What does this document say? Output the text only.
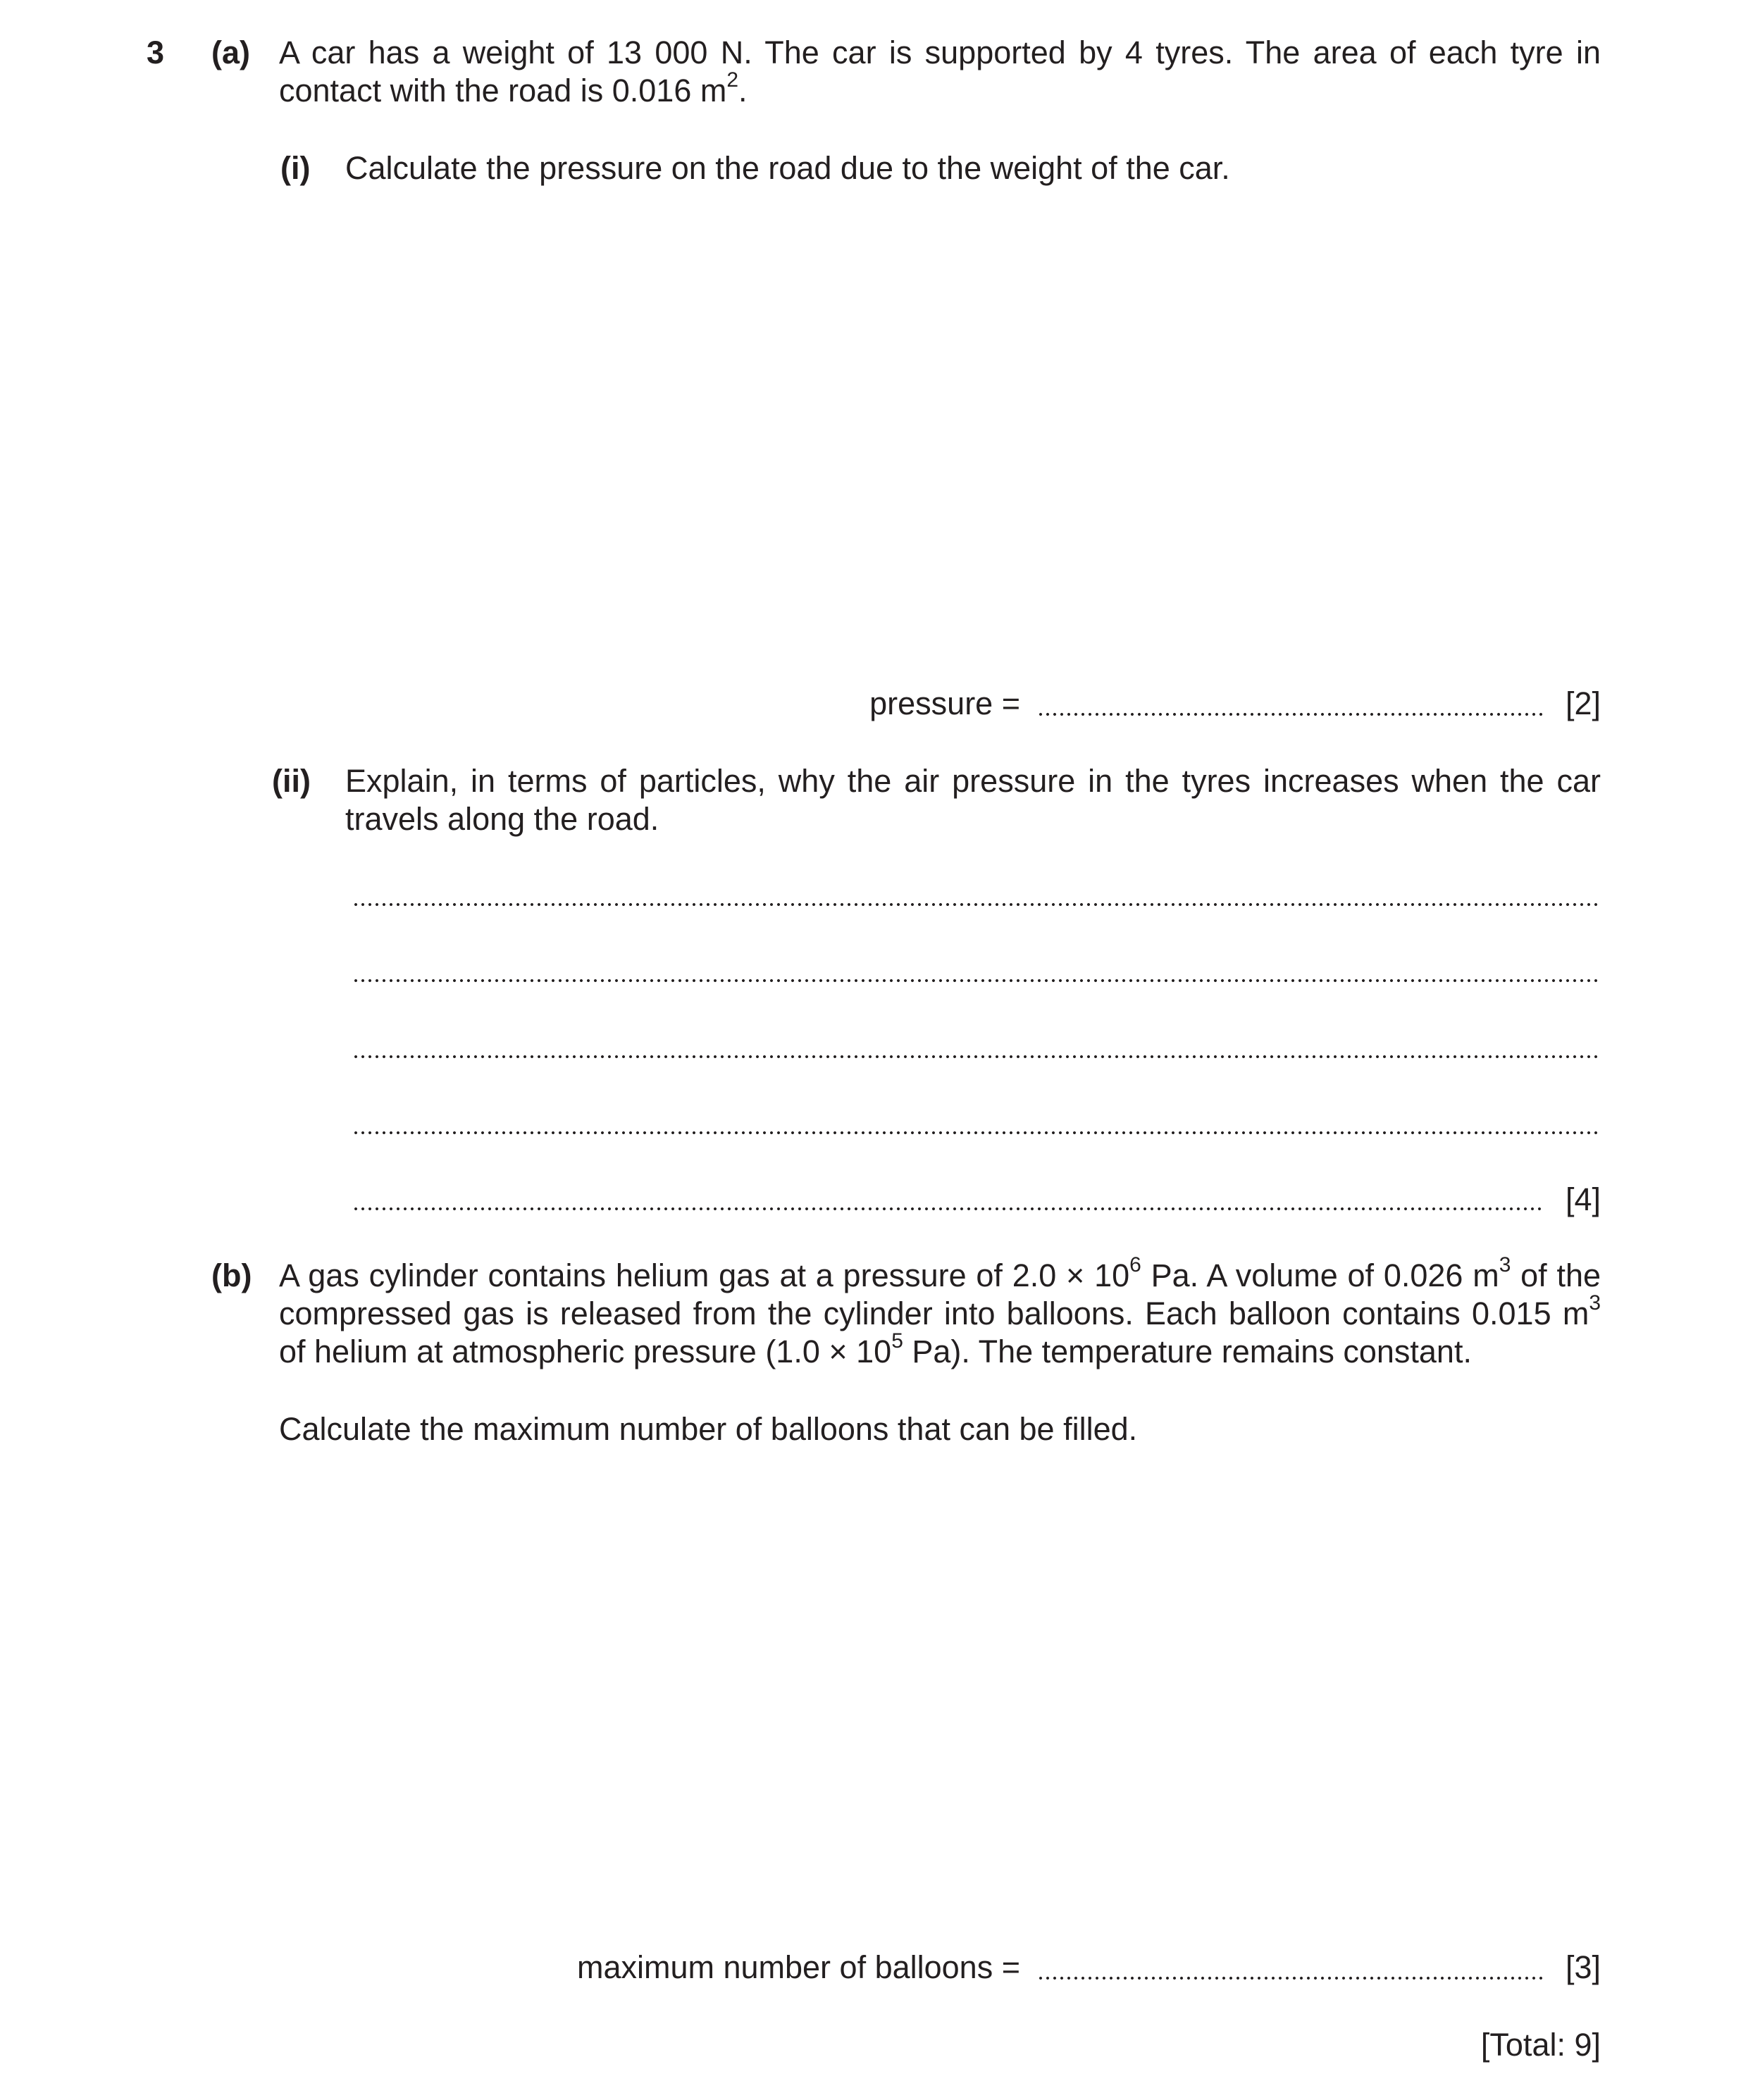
3 (a) A car has a weight of 13 000 N. The car is supported by 4 tyres. The area of each tyre in
contact with the road is 0.016 $m^2$.
(i) Calculate the pressure on the road due to the weight of the car.
pressure =	[2]
(ii) Explain, in terms of particles, why the air pressure in the tyres increases when the car
travels along the road.
[4]
(b) A gas cylinder contains helium gas at a pressure of $2.0 \times 10^6$ Pa. A volume of 0.026 $m^3$ of the
compressed gas is released from the cylinder into balloons. Each balloon contains 0.015 $m^3$
of helium at atmospheric pressure ($1.0 \times 10^5$ Pa). The temperature remains constant.
Calculate the maximum number of balloons that can be filled.
maximum number of balloons =	[3]
[Total: 9]
